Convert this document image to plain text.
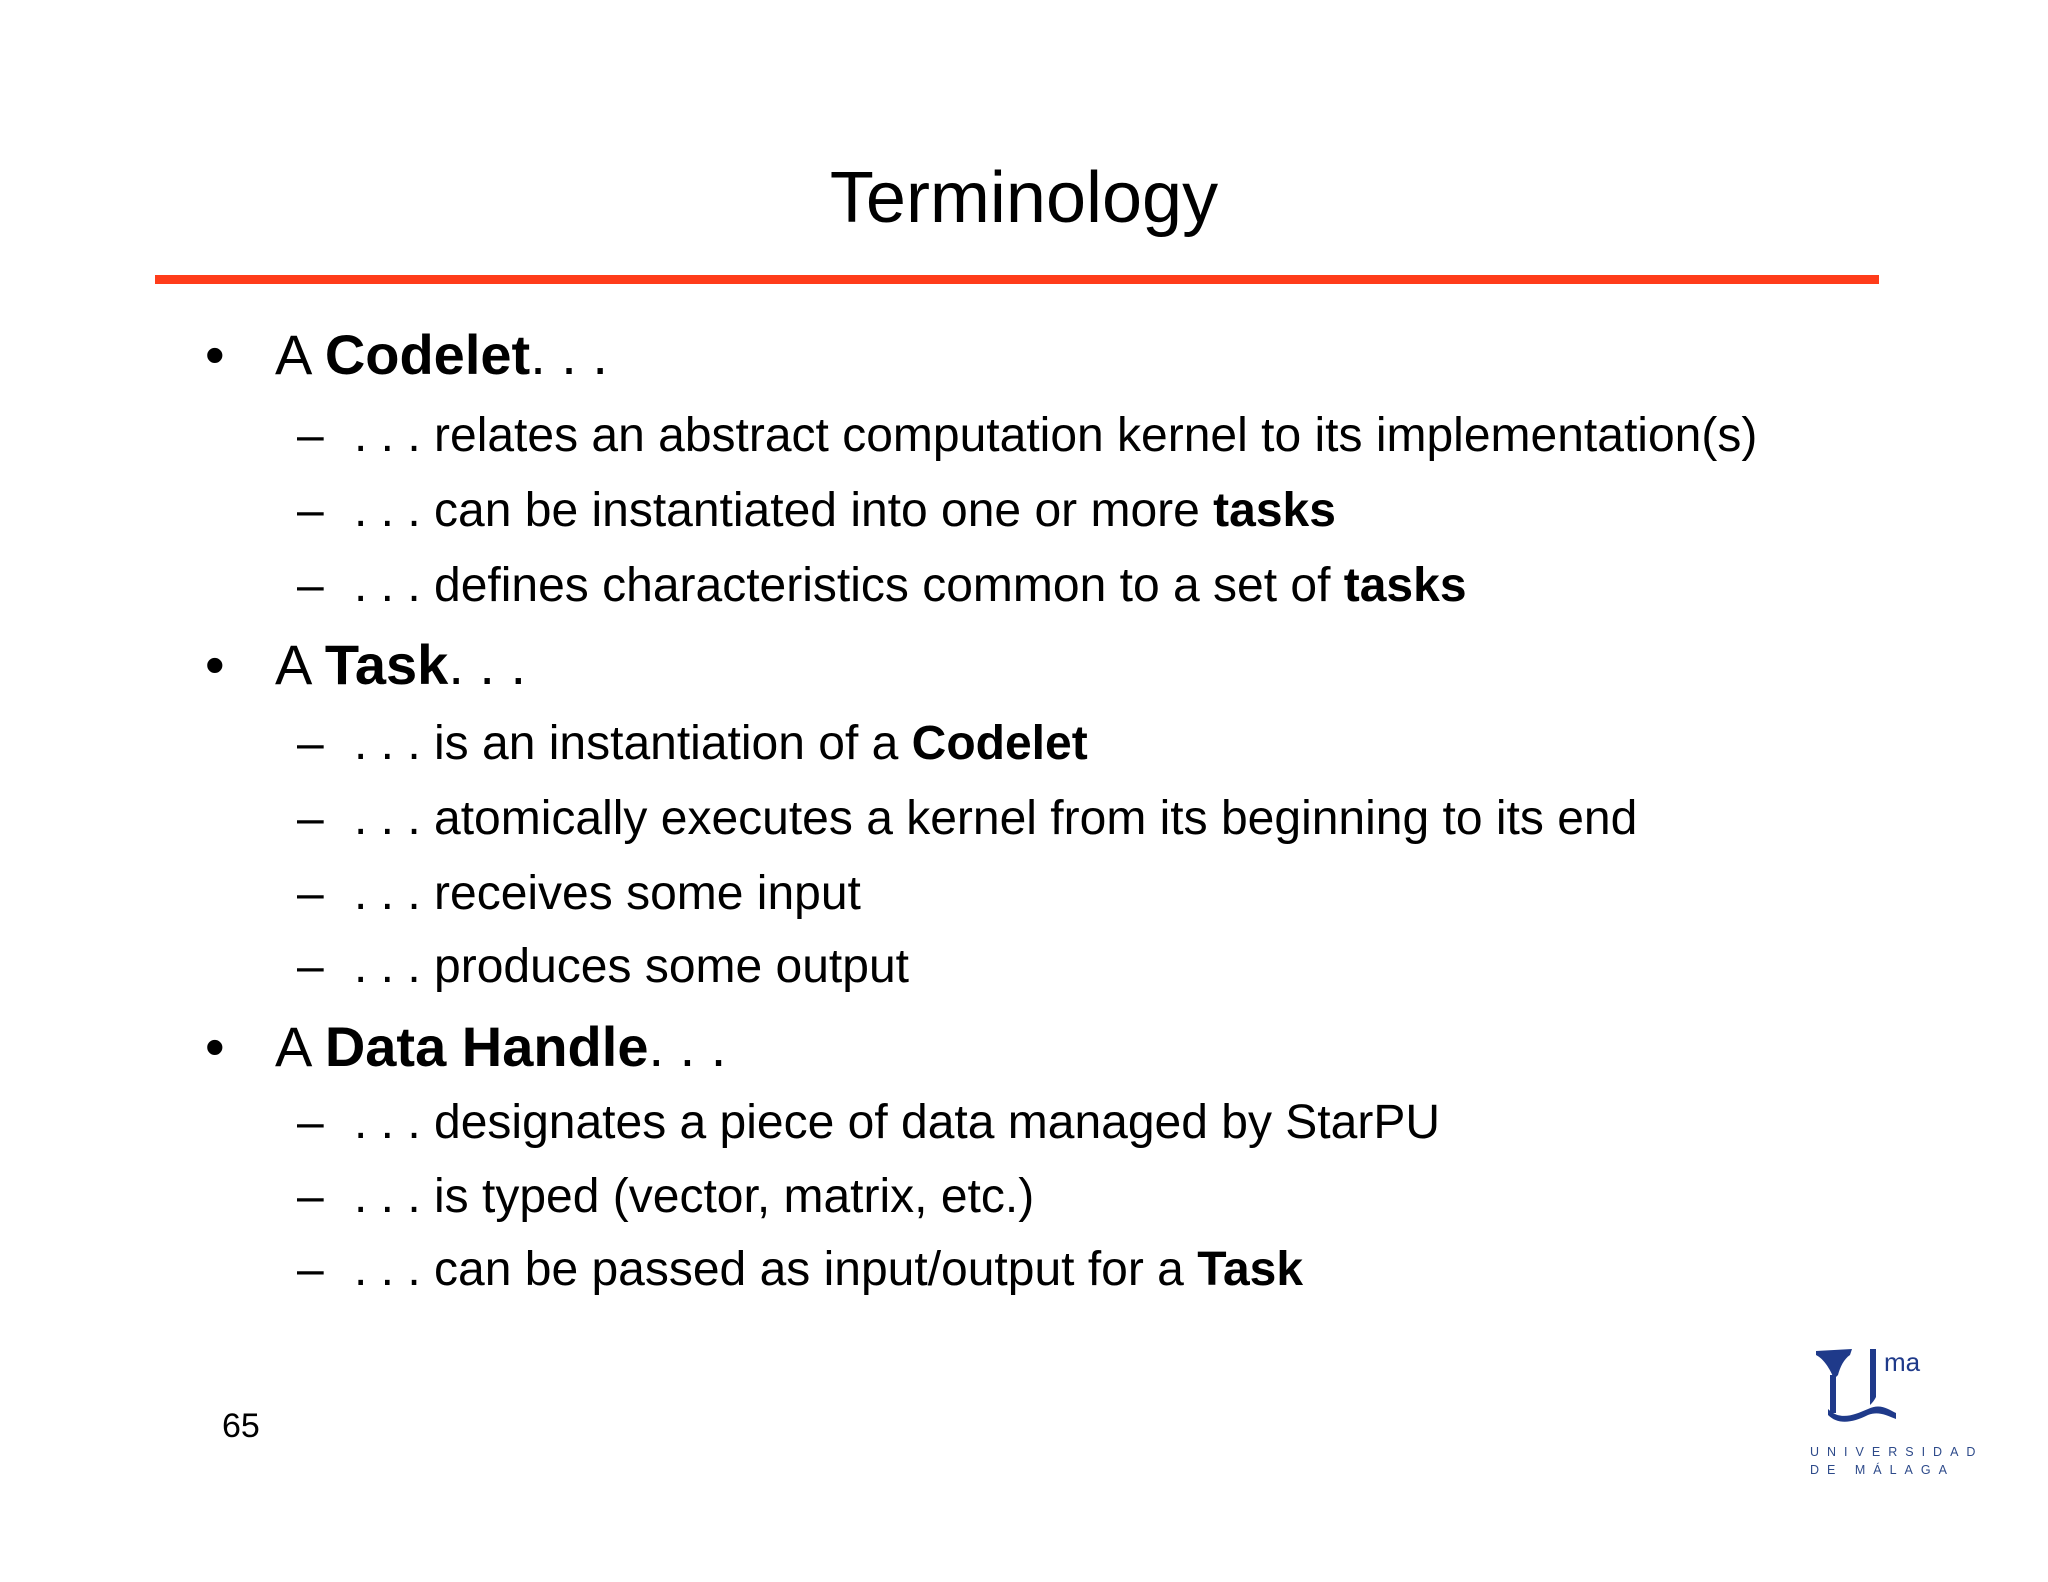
Terminology
• A Codelet. . .
– . . . relates an abstract computation kernel to its implementation(s)
– . . . can be instantiated into one or more tasks
– . . . defines characteristics common to a set of tasks
• A Task. . .
– . . . is an instantiation of a Codelet
– . . . atomically executes a kernel from its beginning to its end
– . . . receives some input
– . . . produces some output
• A Data Handle. . .
– . . . designates a piece of data managed by StarPU
– . . . is typed (vector, matrix, etc.)
– . . . can be passed as input/output for a Task
65
ma
UNIVERSIDAD
DE MÁLAGA
